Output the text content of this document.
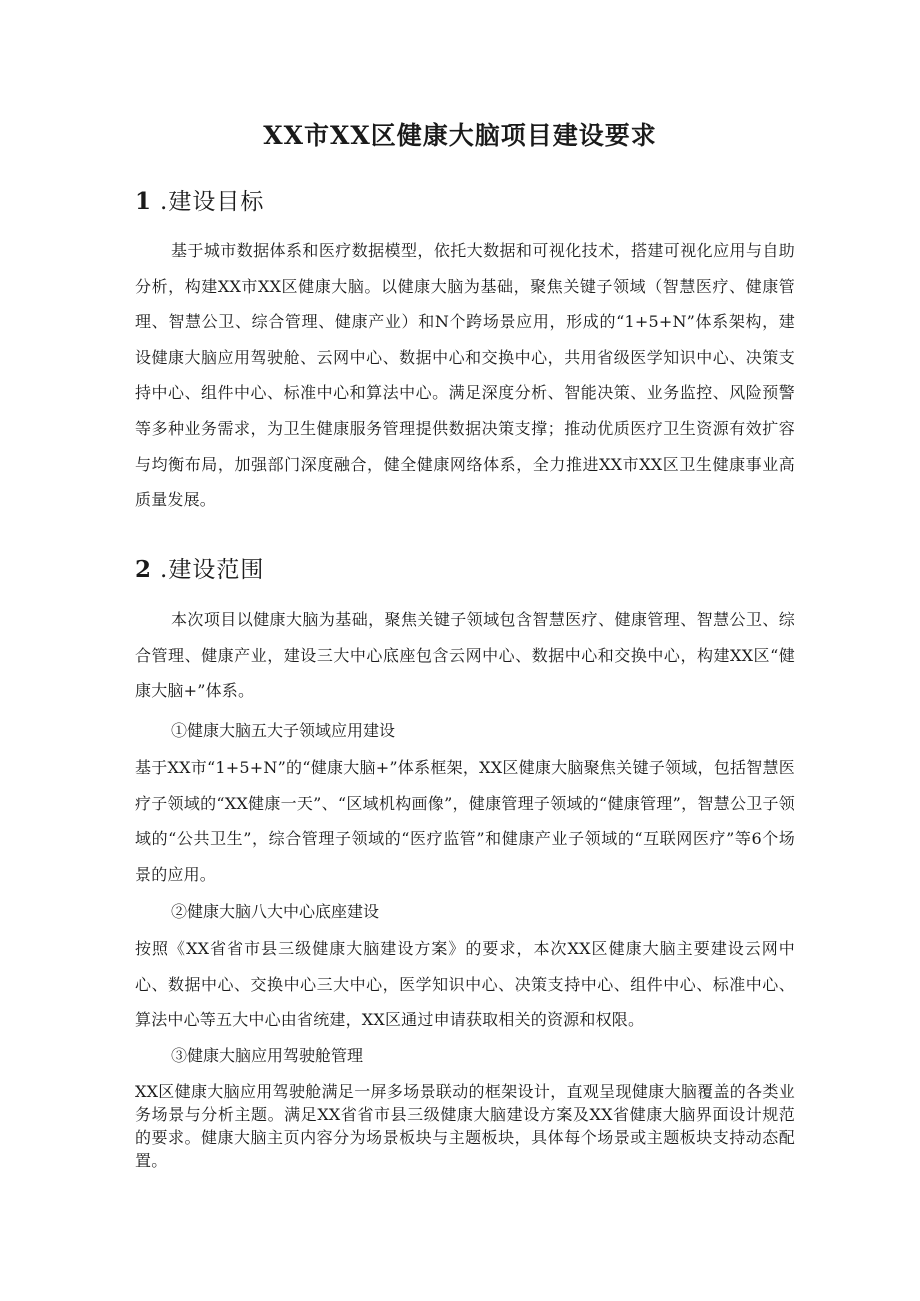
XX市XX区健康大脑项目建设要求
1 .建设目标
基于城市数据体系和医疗数据模型，依托大数据和可视化技术，搭建可视化应用与自助分析，构建XX市XX区健康大脑。以健康大脑为基础，聚焦关键子领域（智慧医疗、健康管理、智慧公卫、综合管理、健康产业）和N个跨场景应用，形成的“1+5+N”体系架构，建设健康大脑应用驾驶舱、云网中心、数据中心和交换中心，共用省级医学知识中心、决策支持中心、组件中心、标准中心和算法中心。满足深度分析、智能决策、业务监控、风险预警等多种业务需求，为卫生健康服务管理提供数据决策支撑；推动优质医疗卫生资源有效扩容与均衡布局，加强部门深度融合，健全健康网络体系，全力推进XX市XX区卫生健康事业高质量发展。
2 .建设范围
本次项目以健康大脑为基础，聚焦关键子领域包含智慧医疗、健康管理、智慧公卫、综合管理、健康产业，建设三大中心底座包含云网中心、数据中心和交换中心，构建XX区“健康大脑+”体系。
①健康大脑五大子领域应用建设
基于XX市“1+5+N”的“健康大脑+”体系框架，XX区健康大脑聚焦关键子领域，包括智慧医疗子领域的“XX健康一天”、“区域机构画像”，健康管理子领域的“健康管理”，智慧公卫子领域的“公共卫生”，综合管理子领域的“医疗监管”和健康产业子领域的“互联网医疗”等6个场景的应用。
②健康大脑八大中心底座建设
按照《XX省省市县三级健康大脑建设方案》的要求，本次XX区健康大脑主要建设云网中心、数据中心、交换中心三大中心，医学知识中心、决策支持中心、组件中心、标准中心、算法中心等五大中心由省统建，XX区通过申请获取相关的资源和权限。
③健康大脑应用驾驶舱管理
XX区健康大脑应用驾驶舱满足一屏多场景联动的框架设计，直观呈现健康大脑覆盖的各类业务场景与分析主题。满足XX省省市县三级健康大脑建设方案及XX省健康大脑界面设计规范的要求。健康大脑主页内容分为场景板块与主题板块，具体每个场景或主题板块支持动态配置。
